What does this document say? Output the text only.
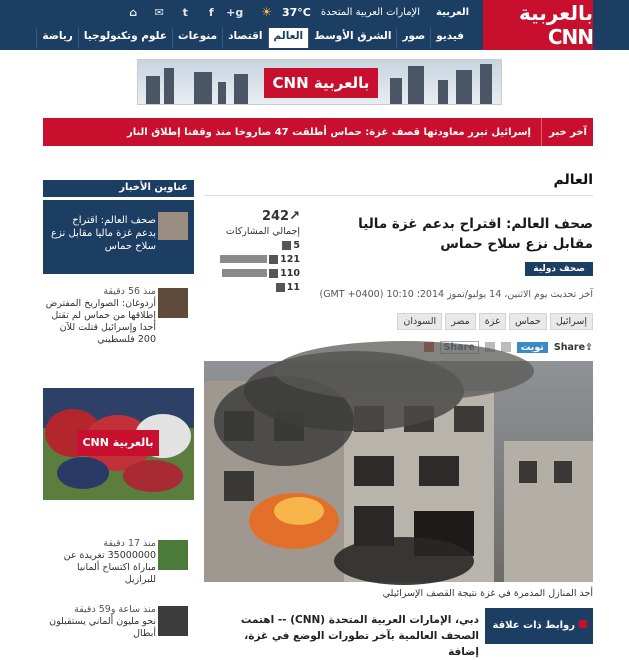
بالعربية CNN
العربية
الإمارات العربية المتحدة
37°C
☀
g+
f
t
✉
⌂
فيديو
صور
الشرق الأوسط
العالم
اقتصاد
منوعات
علوم وتكنولوجيا
رياضة
بالعربية CNN
آخر خبر
إسرائيل تبرر معاودتها قصف غزة: حماس أطلقت 47 صاروخا منذ وقفنا إطلاق النار
العالم
صحف العالم: اقتراح بدعم غزة ماليا مقابل نزع سلاح حماس
صحف دولية
↗242
إجمالي المشاركات
5
121
110
11
آخر تحديث يوم الاثنين، 14 يوليو/تموز 2014؛ 10:10 (GMT +0400)
إسرائيل
حماس
غزة
مصر
السودان
⇪Share
تويت
أحد المنازل المدمرة في غزة نتيجة القصف الإسرائيلي
دبي، الإمارات العربية المتحدة (CNN) -- اهتمت الصحف العالمية بآخر تطورات الوضع في غزة، إضافة
روابط ذات علاقة
عناوين الأخبار
صحف العالم: اقتراح بدعم غزة ماليا مقابل نزع سلاح حماس
منذ 56 دقيقة
أردوغان: الصواريخ المفترض إطلاقها من حماس لم تقتل أحدا وإسرائيل قتلت للآن 200 فلسطيني
بالعربية CNN
منذ 17 دقيقة
35000000 تغريدة عن مباراة اكتساح ألمانيا للبرازيل
منذ ساعة و59 دقيقة
نحو مليون ألماني يستقبلون أبطال
